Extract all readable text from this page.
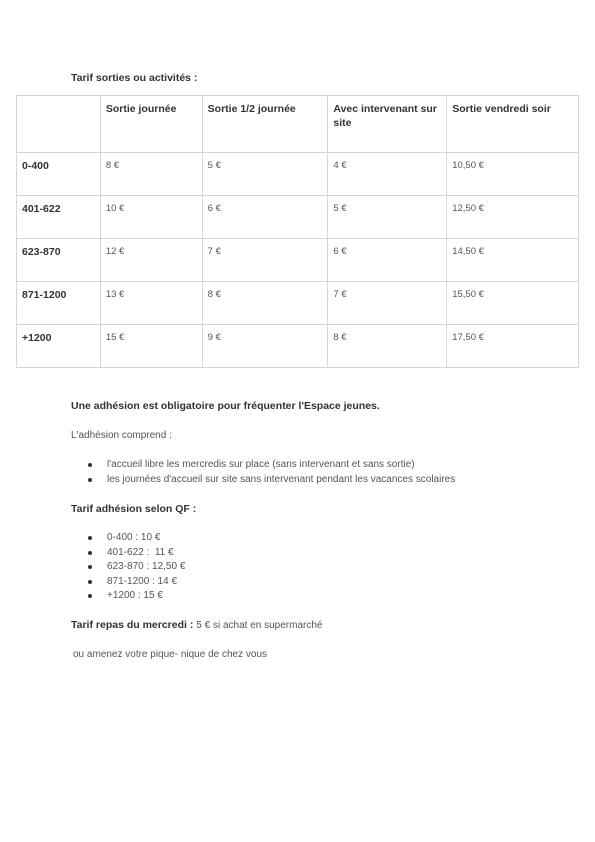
Tarif sorties ou activités :
	Sortie journée	Sortie 1/2 journée	Avec intervenant sur site	Sortie vendredi soir
0-400	8 €	5 €	4 €	10,50 €
401-622	10 €	6 €	5 €	12,50 €
623-870	12 €	7 €	6 €	14,50 €
871-1200	13 €	8 €	7 €	15,50 €
+1200	15 €	9 €	8 €	17,50 €
Une adhésion est obligatoire pour fréquenter l'Espace jeunes.
L'adhésion comprend :
l'accueil libre les mercredis sur place (sans intervenant et sans sortie)
les journées d'accueil sur site sans intervenant pendant les vacances scolaires
Tarif adhésion selon QF :
0-400 : 10 €
401-622 :  11 €
623-870 : 12,50 €
871-1200 : 14 €
+1200 : 15 €
Tarif repas du mercredi : 5 € si achat en supermarché
ou amenez votre pique- nique de chez vous
